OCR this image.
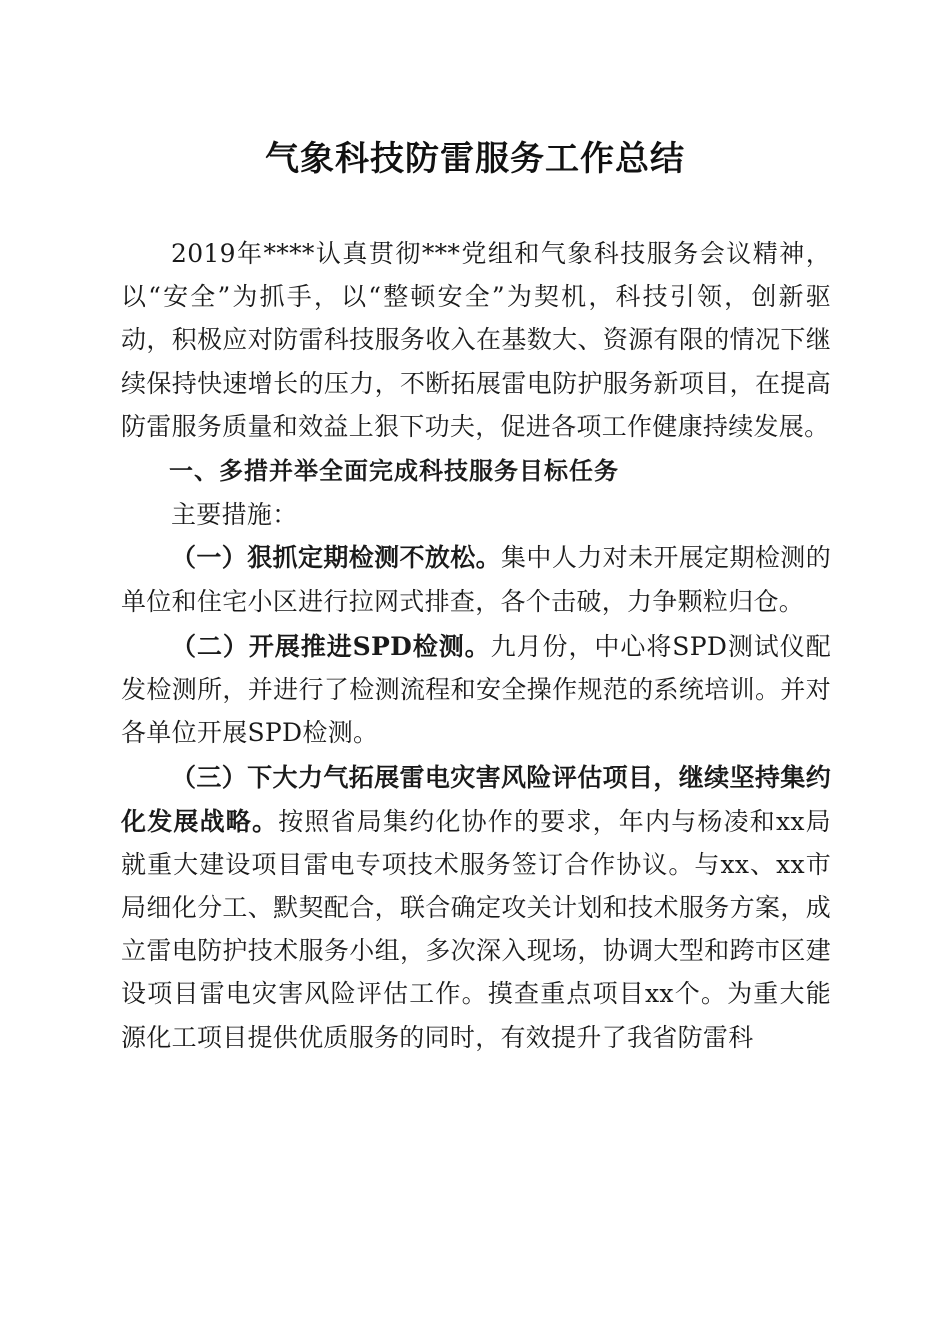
气象科技防雷服务工作总结

2019年****认真贯彻***党组和气象科技服务会议精神，以“安全”为抓手，以“整顿安全”为契机，科技引领，创新驱动，积极应对防雷科技服务收入在基数大、资源有限的情况下继续保持快速增长的压力，不断拓展雷电防护服务新项目，在提高防雷服务质量和效益上狠下功夫，促进各项工作健康持续发展。

一、多措并举全面完成科技服务目标任务

主要措施：

（一）狠抓定期检测不放松。集中人力对未开展定期检测的单位和住宅小区进行拉网式排查，各个击破，力争颗粒归仓。

（二）开展推进SPD检测。九月份，中心将SPD测试仪配发检测所，并进行了检测流程和安全操作规范的系统培训。并对各单位开展SPD检测。

（三）下大力气拓展雷电灾害风险评估项目，继续坚持集约化发展战略。按照省局集约化协作的要求，年内与杨凌和xx局就重大建设项目雷电专项技术服务签订合作协议。与xx、xx市局细化分工、默契配合，联合确定攻关计划和技术服务方案，成立雷电防护技术服务小组，多次深入现场，协调大型和跨市区建设项目雷电灾害风险评估工作。摸查重点项目xx个。为重大能源化工项目提供优质服务的同时，有效提升了我省防雷科
